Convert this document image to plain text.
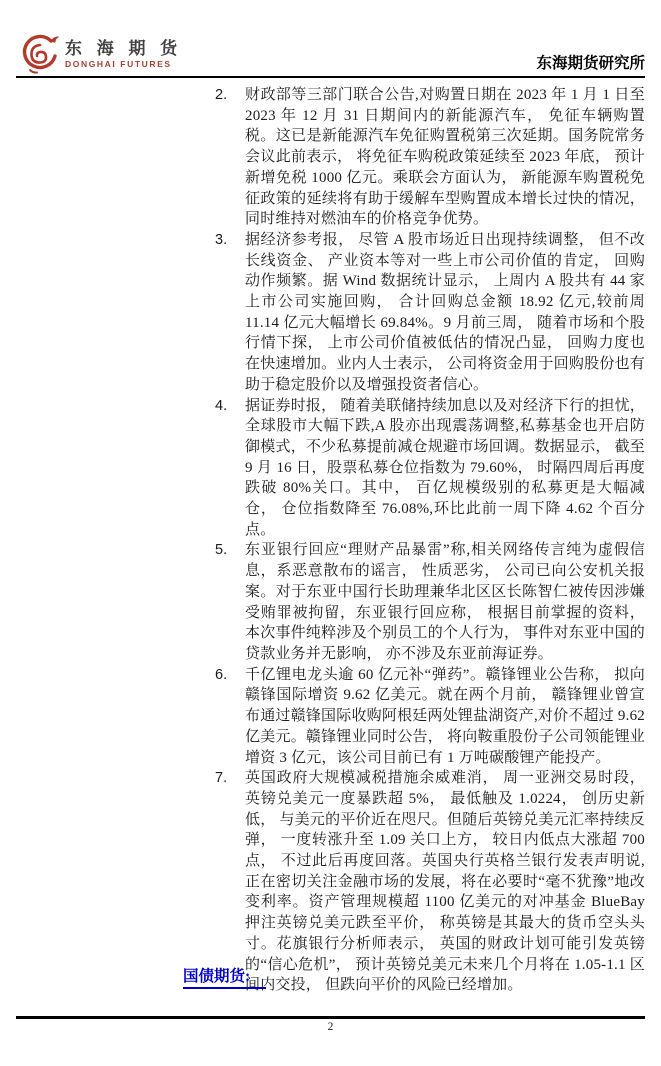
东 海 期 货
DONGHAI FUTURES	东海期货研究所
2.	财政部等三部门联合公告,对购置日期在 2023 年 1 月 1 日至 2023 年 12 月 31 日期间内的新能源汽车， 免征车辆购置税。这已是新能源汽车免征购置税第三次延期。国务院常务会议此前表示， 将免征车购税政策延续至 2023 年底， 预计新增免税 1000 亿元。乘联会方面认为， 新能源车购置税免征政策的延续将有助于缓解车型购置成本增长过快的情况， 同时维持对燃油车的价格竞争优势。
3.	据经济参考报， 尽管 A 股市场近日出现持续调整， 但不改长线资金、 产业资本等对一些上市公司价值的肯定， 回购动作频繁。据 Wind 数据统计显示， 上周内 A 股共有 44 家上市公司实施回购， 合计回购总金额 18.92 亿元,较前周 11.14 亿元大幅增长 69.84%。9 月前三周， 随着市场和个股行情下探， 上市公司价值被低估的情况凸显， 回购力度也在快速增加。业内人士表示， 公司将资金用于回购股份也有助于稳定股价以及增强投资者信心。
4.	据证券时报， 随着美联储持续加息以及对经济下行的担忧， 全球股市大幅下跌,A 股亦出现震荡调整,私募基金也开启防御模式，不少私募提前减仓规避市场回调。数据显示， 截至 9 月 16 日，股票私募仓位指数为 79.60%， 时隔四周后再度跌破 80%关口。其中， 百亿规模级别的私募更是大幅减仓， 仓位指数降至 76.08%,环比此前一周下降 4.62 个百分点。
5.	东亚银行回应“理财产品暴雷”称,相关网络传言纯为虚假信息，系恶意散布的谣言， 性质恶劣， 公司已向公安机关报案。对于东亚中国行长助理兼华北区区长陈智仁被传因涉嫌受贿罪被拘留，东亚银行回应称， 根据目前掌握的资料， 本次事件纯粹涉及个别员工的个人行为， 事件对东亚中国的贷款业务并无影响， 亦不涉及东亚前海证券。
6.	千亿锂电龙头逾 60 亿元补“弹药”。赣锋锂业公告称， 拟向赣锋国际增资 9.62 亿美元。就在两个月前， 赣锋锂业曾宣布通过赣锋国际收购阿根廷两处锂盐湖资产,对价不超过 9.62 亿美元。赣锋锂业同时公告， 将向鞍重股份子公司领能锂业增资 3 亿元，该公司目前已有 1 万吨碳酸锂产能投产。
7.	英国政府大规模减税措施余威难消， 周一亚洲交易时段， 英镑兑美元一度暴跌超 5%， 最低触及 1.0224， 创历史新低， 与美元的平价近在咫尺。但随后英镑兑美元汇率持续反弹， 一度转涨升至 1.09 关口上方， 较日内低点大涨超 700 点， 不过此后再度回落。英国央行英格兰银行发表声明说,正在密切关注金融市场的发展，将在必要时“毫不犹豫”地改变利率。资产管理规模超 1100 亿美元的对冲基金 BlueBay 押注英镑兑美元跌至平价， 称英镑是其最大的货币空头头寸。花旗银行分析师表示， 英国的财政计划可能引发英镑的“信心危机”， 预计英镑兑美元未来几个月将在 1.05-1.1 区间内交投， 但跌向平价的风险已经增加。
国债期货:
2
